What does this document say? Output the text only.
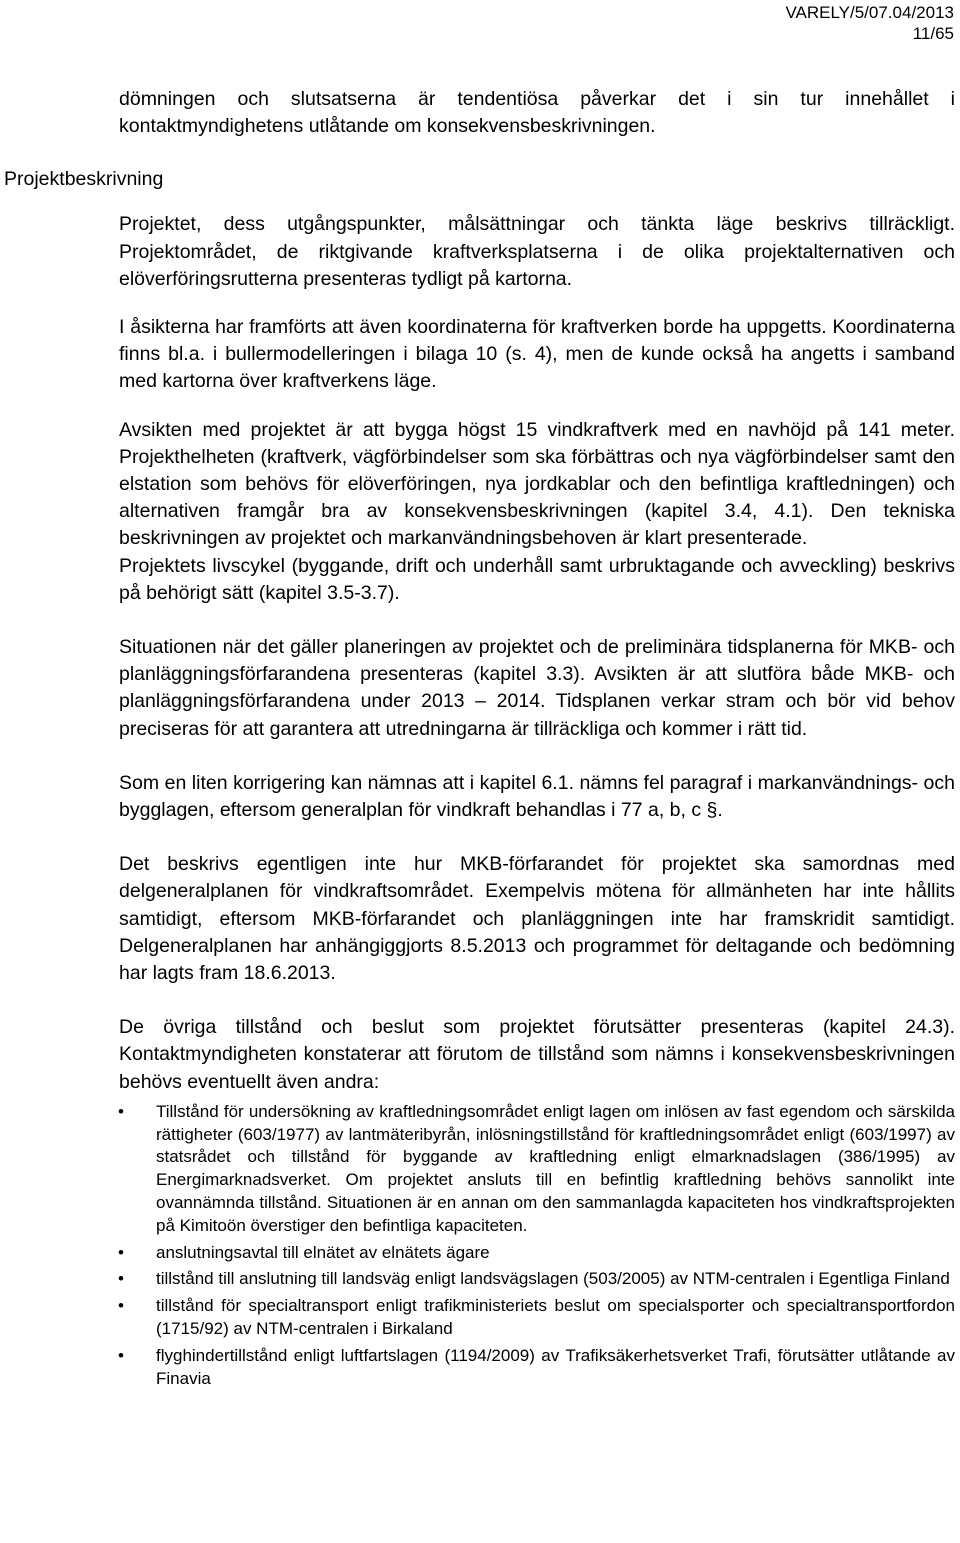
VARELY/5/07.04/2013
11/65
Projektbeskrivning

dömningen och slutsatserna är tendentiösa påverkar det i sin tur innehållet i kontaktmyndighetens utlåtande om konsekvensbeskrivningen.

Projektet, dess utgångspunkter, målsättningar och tänkta läge beskrivs tillräckligt. Projektområdet, de riktgivande kraftverksplatserna i de olika projektalternativen och elöverföringsrutterna presenteras tydligt på kartorna.

I åsikterna har framförts att även koordinaterna för kraftverken borde ha uppgetts. Koordinaterna finns bl.a. i bullermodelleringen i bilaga 10 (s. 4), men de kunde också ha angetts i samband med kartorna över kraftverkens läge.

Avsikten med projektet är att bygga högst 15 vindkraftverk med en navhöjd på 141 meter. Projekthelheten (kraftverk, vägförbindelser som ska förbättras och nya vägförbindelser samt den elstation som behövs för elöverföringen, nya jordkablar och den befintliga kraftledningen) och alternativen framgår bra av konsekvensbeskrivningen (kapitel 3.4, 4.1). Den tekniska beskrivningen av projektet och markanvändningsbehoven är klart presenterade.

Projektets livscykel (byggande, drift och underhåll samt urbruktagande och avveckling) beskrivs på behörigt sätt (kapitel 3.5-3.7).

Situationen när det gäller planeringen av projektet och de preliminära tidsplanerna för MKB- och planläggningsförfarandena presenteras (kapitel 3.3). Avsikten är att slutföra både MKB- och planläggningsförfarandena under 2013 – 2014. Tidsplanen verkar stram och bör vid behov preciseras för att garantera att utredningarna är tillräckliga och kommer i rätt tid.

Som en liten korrigering kan nämnas att i kapitel 6.1. nämns fel paragraf i markanvändnings- och bygglagen, eftersom generalplan för vindkraft behandlas i 77 a, b, c §.

Det beskrivs egentligen inte hur MKB-förfarandet för projektet ska samordnas med delgeneralplanen för vindkraftsområdet. Exempelvis mötena för allmänheten har inte hållits samtidigt, eftersom MKB-förfarandet och planläggningen inte har framskridit samtidigt. Delgeneralplanen har anhängiggjorts 8.5.2013 och programmet för deltagande och bedömning har lagts fram 18.6.2013.

De övriga tillstånd och beslut som projektet förutsätter presenteras (kapitel 24.3). Kontaktmyndigheten konstaterar att förutom de tillstånd som nämns i konsekvensbeskrivningen behövs eventuellt även andra:

•	Tillstånd för undersökning av kraftledningsområdet enligt lagen om inlösen av fast egendom och särskilda rättigheter (603/1977) av lantmäteribyrån, inlösningstillstånd för kraftledningsområdet enligt (603/1997) av statsrådet och tillstånd för byggande av kraftledning enligt elmarknadslagen (386/1995) av Energimarknadsverket. Om projektet ansluts till en befintlig kraftledning behövs sannolikt inte ovannämnda tillstånd. Situationen är en annan om den sammanlagda kapaciteten hos vindkraftsprojekten på Kimitoön överstiger den befintliga kapaciteten.
•	anslutningsavtal till elnätet av elnätets ägare
•	tillstånd till anslutning till landsväg enligt landsvägslagen (503/2005) av NTM-centralen i Egentliga Finland
•	tillstånd för specialtransport enligt trafikministeriets beslut om specialsporter och specialtransportfordon (1715/92) av NTM-centralen i Birkaland
•	flyghindertillstånd enligt luftfartslagen (1194/2009) av Trafiksäkerhetsverket Trafi, förutsätter utlåtande av Finavia
